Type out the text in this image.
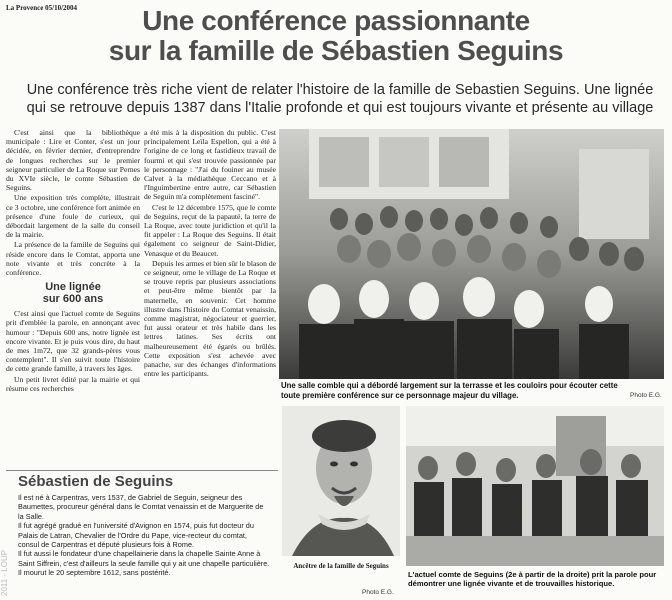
La Provence 05/10/2004	Une conférence passionnante
sur la famille de Sébastien Seguins
Une conférence très riche vient de relater l'histoire de la famille de Sebastien Seguins. Une lignée
qui se retrouve depuis 1387 dans l'Italie profonde et qui est toujours vivante et présente au village

C'est ainsi que la bibliothèque municipale : Lire et Conter, s'est un jour décidée, en février dernier, d'entreprendre de longues recherches sur le premier seigneur particulier de La Roque sur Pernes du XVIe siècle, le comte Sébastien de Seguins.

Une exposition très complète, illustrait ce 3 octobre, une conférence fort animée en présence d'une foule de curieux, qui débordait largement de la salle du conseil de la mairie.

La présence de la famille de Seguins qui réside encore dans le Comtat, apporta une note vivante et très concrète à la conférence.

Une lignée
sur 600 ans

C'est ainsi que l'actuel comte de Seguins prit d'emblée la parole, en annonçant avec humour : "Depuis 600 ans, notre lignée est encore vivante. Et je puis vous dire, du haut de mes 1m72, que 32 grands-pères vous contemplent". Il s'en suivit toute l'histoire de cette grande famille, à travers les âges.

Un petit livret édité par la mairie et qui résume ces recherches

a été mis à la disposition du public. C'est principalement Leïla Espellon, qui a été à l'origine de ce long et fastidieux travail de fourmi et qui s'est trouvée passionnée par le personnage : "J'ai du fouiner au musée Calvet à la médiathèque Ceccano et à l'Inguimbertine entre autre, car Sébastien de Seguin m'a complètement fasciné".

C'est le 12 décembre 1575, que le comte de Seguins, reçut de la papauté, la terre de La Roque, avec toute juridiction et qu'il la fit appeler : La Roque des Seguins. Il était également co seigneur de Saint-Didier, Venasque et du Beaucet.

Depuis les armes et bien sûr le blason de ce seigneur, orne le village de La Roque et se trouve repris par plusieurs associations et peut-être même bientôt par la maternelle, en souvenir. Cet homme illustre dans l'histoire du Comtat venaissin, comme magistrat, négociateur et guerrier, fut aussi orateur et très habile dans les lettres latines. Ses écrits ont malheureusement été égarés ou brûlés. Cette exposition s'est achevée avec panache, sur des échanges d'informations entre les participants.

Une salle comble qui a débordé largement sur la terrasse et les couloirs pour écouter cette toute première conférence sur ce personnage majeur du village.	Photo E.G.
Sébastien de Seguins

Il est né à Carpentras, vers 1537, de Gabriel de Seguin, seigneur des Baumettes, procureur général dans le Comtat venaissin et de Marguerite de la Salle.

Il fut agrégé gradué en l'université d'Avignon en 1574, puis fut docteur du Palais de Latran, Chevalier de l'Ordre du Pape, vice-recteur du comtat, consul de Carpentras et député plusieurs fois à Rome.

Il fut aussi le fondateur d'une chapellainerie dans la chapelle Sainte Anne à Saint Siffrein, c'est d'ailleurs la seule famille qui y ait une chapelle particulière.

Il mourut le 20 septembre 1612, sans postérité.

Ancêtre de la famille de Seguins
Photo E.G.
L'actuel comte de Seguins (2e à partir de la droite) prit la parole pour démontrer une lignée vivante et de trouvailles historique.
2011 - LOUP
